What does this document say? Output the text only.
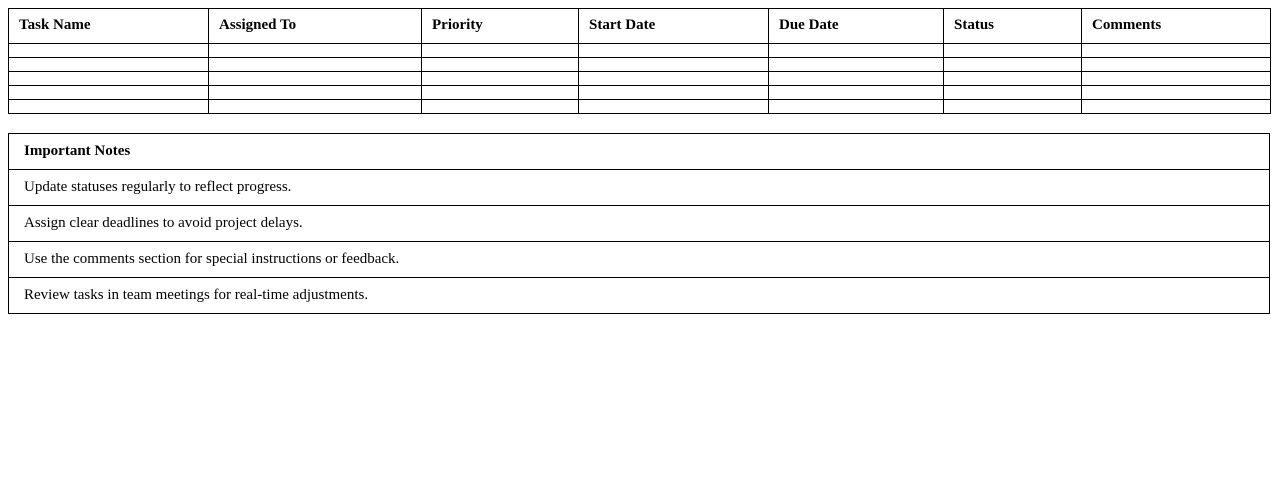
Task Name	Assigned To	Priority	Start Date	Due Date	Status	Comments

Important Notes
Update statuses regularly to reflect progress.
Assign clear deadlines to avoid project delays.
Use the comments section for special instructions or feedback.
Review tasks in team meetings for real-time adjustments.
